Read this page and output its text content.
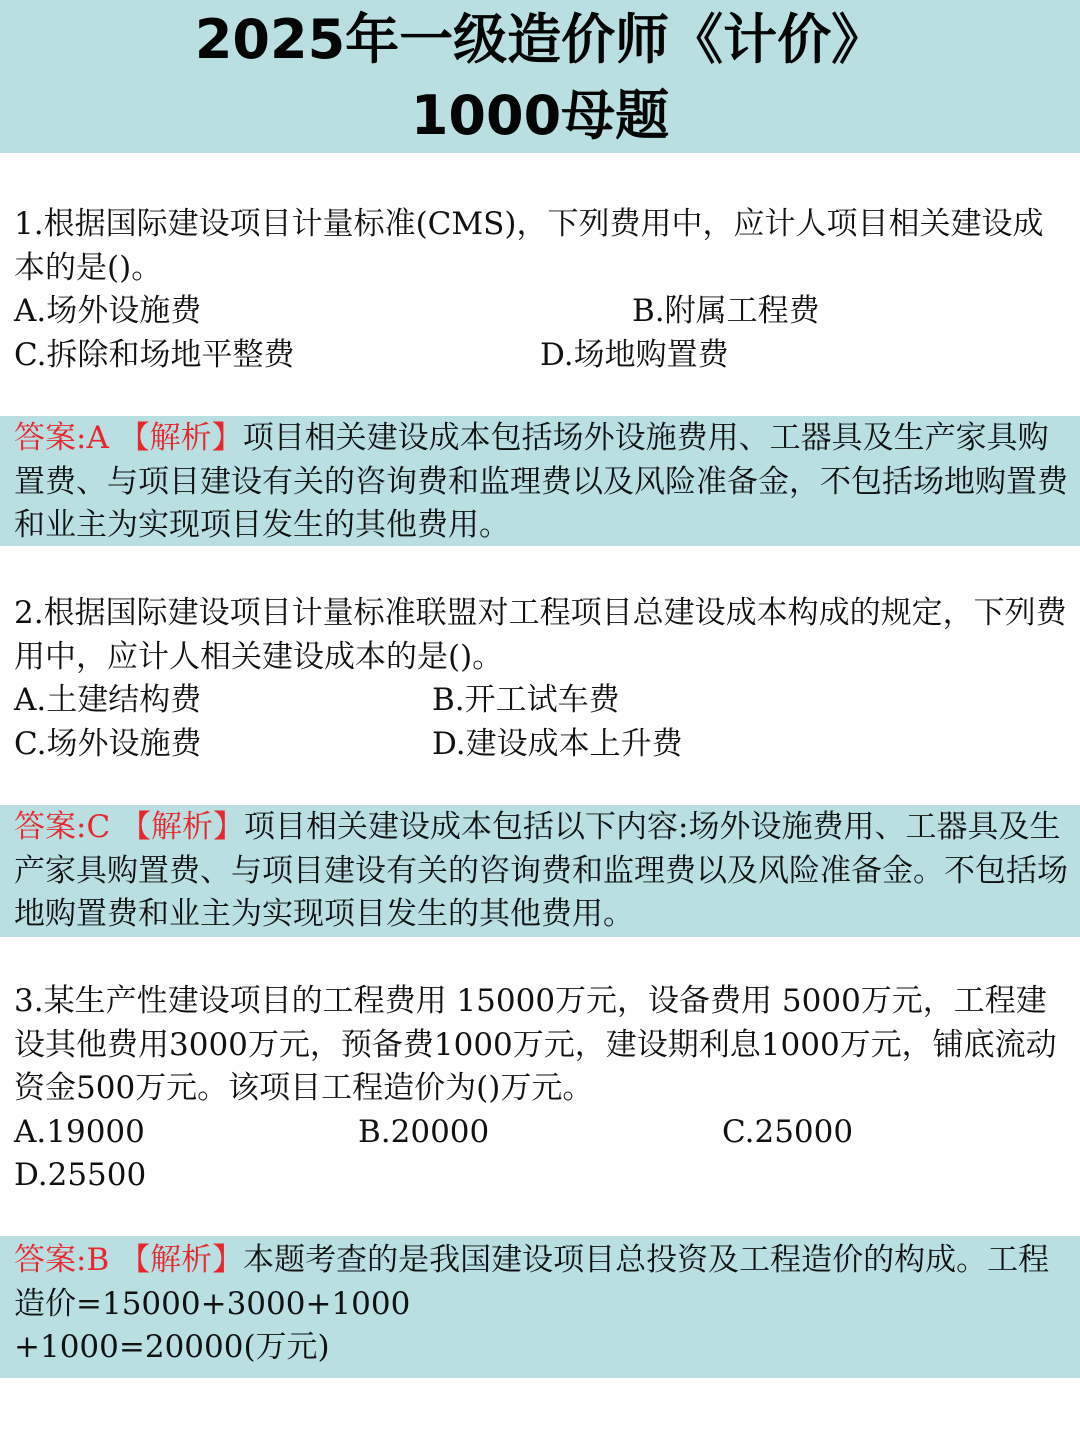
2025年一级造价师《计价》
1000母题

1.根据国际建设项目计量标准(CMS)，下列费用中，应计人项目相关建设成本的是()。

A.场外设施费	B.附属工程费
C.拆除和场地平整费	D.场地购置费

答案:A 【解析】项目相关建设成本包括场外设施费用、工器具及生产家具购置费、与项目建设有关的咨询费和监理费以及风险准备金，不包括场地购置费和业主为实现项目发生的其他费用。

2.根据国际建设项目计量标准联盟对工程项目总建设成本构成的规定，下列费用中，应计人相关建设成本的是()。

A.土建结构费	B.开工试车费
C.场外设施费	D.建设成本上升费

答案:C 【解析】项目相关建设成本包括以下内容:场外设施费用、工器具及生产家具购置费、与项目建设有关的咨询费和监理费以及风险准备金。不包括场地购置费和业主为实现项目发生的其他费用。

3.某生产性建设项目的工程费用 15000万元，设备费用 5000万元，工程建设其他费用3000万元，预备费1000万元，建设期利息1000万元，铺底流动资金500万元。该项目工程造价为()万元。

A.19000	B.20000	C.25000
D.25500

答案:B 【解析】本题考查的是我国建设项目总投资及工程造价的构成。工程造价=15000+3000+1000
+1000=20000(万元)
